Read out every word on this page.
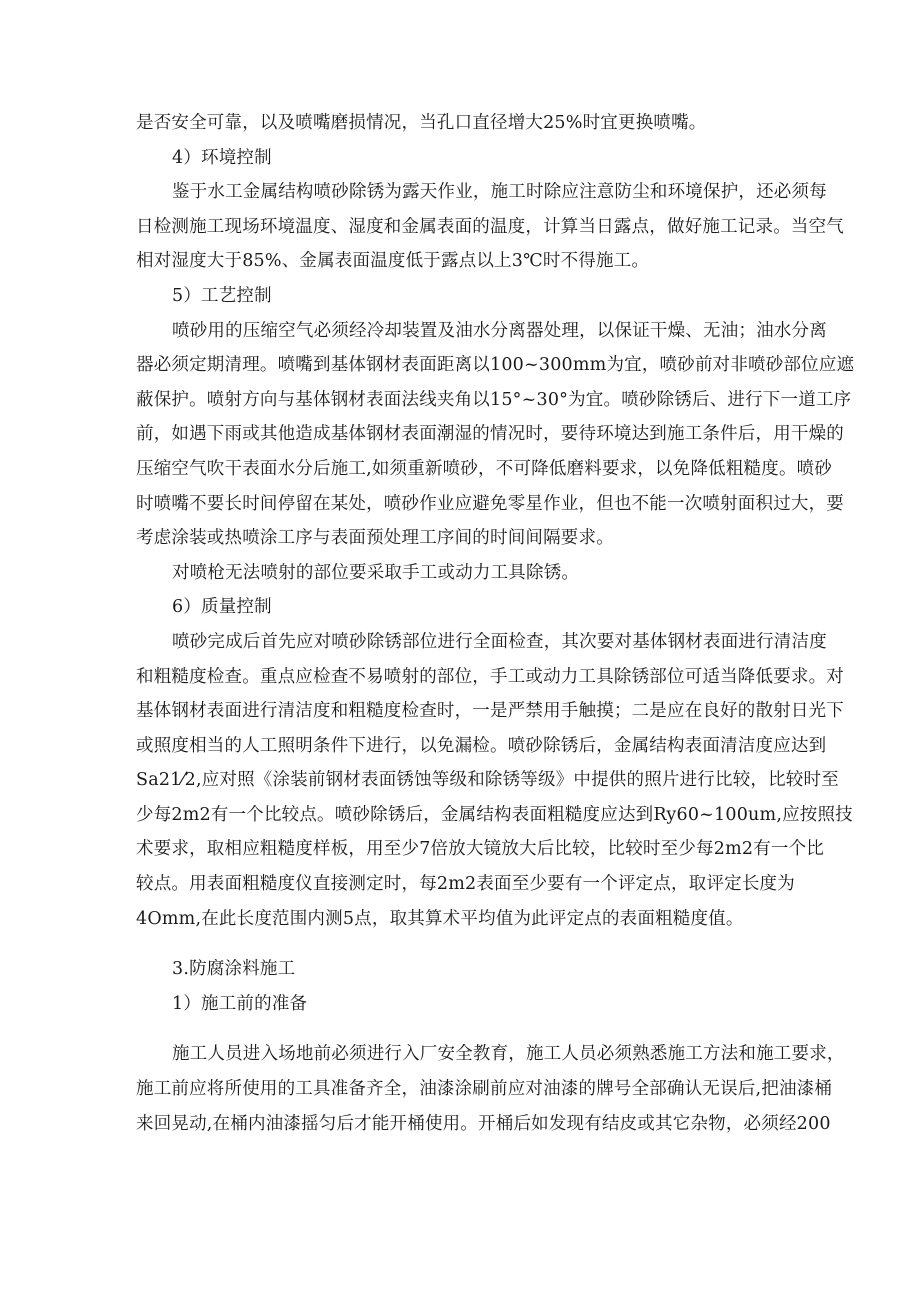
是否安全可靠，以及喷嘴磨损情况，当孔口直径增大25%时宜更换喷嘴。
4）环境控制
鉴于水工金属结构喷砂除锈为露天作业，施工时除应注意防尘和环境保护，还必须每
日检测施工现场环境温度、湿度和金属表面的温度，计算当日露点，做好施工记录。当空气
相对湿度大于85%、金属表面温度低于露点以上3℃时不得施工。
5）工艺控制
喷砂用的压缩空气必须经冷却装置及油水分离器处理，以保证干燥、无油；油水分离
器必须定期清理。喷嘴到基体钢材表面距离以100~300mm为宜，喷砂前对非喷砂部位应遮
蔽保护。喷射方向与基体钢材表面法线夹角以15°~30°为宜。喷砂除锈后、进行下一道工序
前，如遇下雨或其他造成基体钢材表面潮湿的情况时，要待环境达到施工条件后，用干燥的
压缩空气吹干表面水分后施工,如须重新喷砂，不可降低磨料要求，以免降低粗糙度。喷砂
时喷嘴不要长时间停留在某处，喷砂作业应避免零星作业，但也不能一次喷射面积过大，要
考虑涂装或热喷涂工序与表面预处理工序间的时间间隔要求。
对喷枪无法喷射的部位要采取手工或动力工具除锈。
6）质量控制
喷砂完成后首先应对喷砂除锈部位进行全面检查，其次要对基体钢材表面进行清洁度
和粗糙度检查。重点应检查不易喷射的部位，手工或动力工具除锈部位可适当降低要求。对
基体钢材表面进行清洁度和粗糙度检查时，一是严禁用手触摸；二是应在良好的散射日光下
或照度相当的人工照明条件下进行，以免漏检。喷砂除锈后，金属结构表面清洁度应达到
Sa21⁄2,应对照《涂装前钢材表面锈蚀等级和除锈等级》中提供的照片进行比较，比较时至
少每2m2有一个比较点。喷砂除锈后，金属结构表面粗糙度应达到Ry60~100um,应按照技
术要求，取相应粗糙度样板，用至少7倍放大镜放大后比较，比较时至少每2m2有一个比
较点。用表面粗糙度仪直接测定时，每2m2表面至少要有一个评定点，取评定长度为
4Omm,在此长度范围内测5点，取其算术平均值为此评定点的表面粗糙度值。
3.防腐涂料施工
1）施工前的准备
施工人员进入场地前必须进行入厂安全教育，施工人员必须熟悉施工方法和施工要求，
施工前应将所使用的工具准备齐全，油漆涂刷前应对油漆的牌号全部确认无误后,把油漆桶
来回晃动,在桶内油漆摇匀后才能开桶使用。开桶后如发现有结皮或其它杂物，必须经200
